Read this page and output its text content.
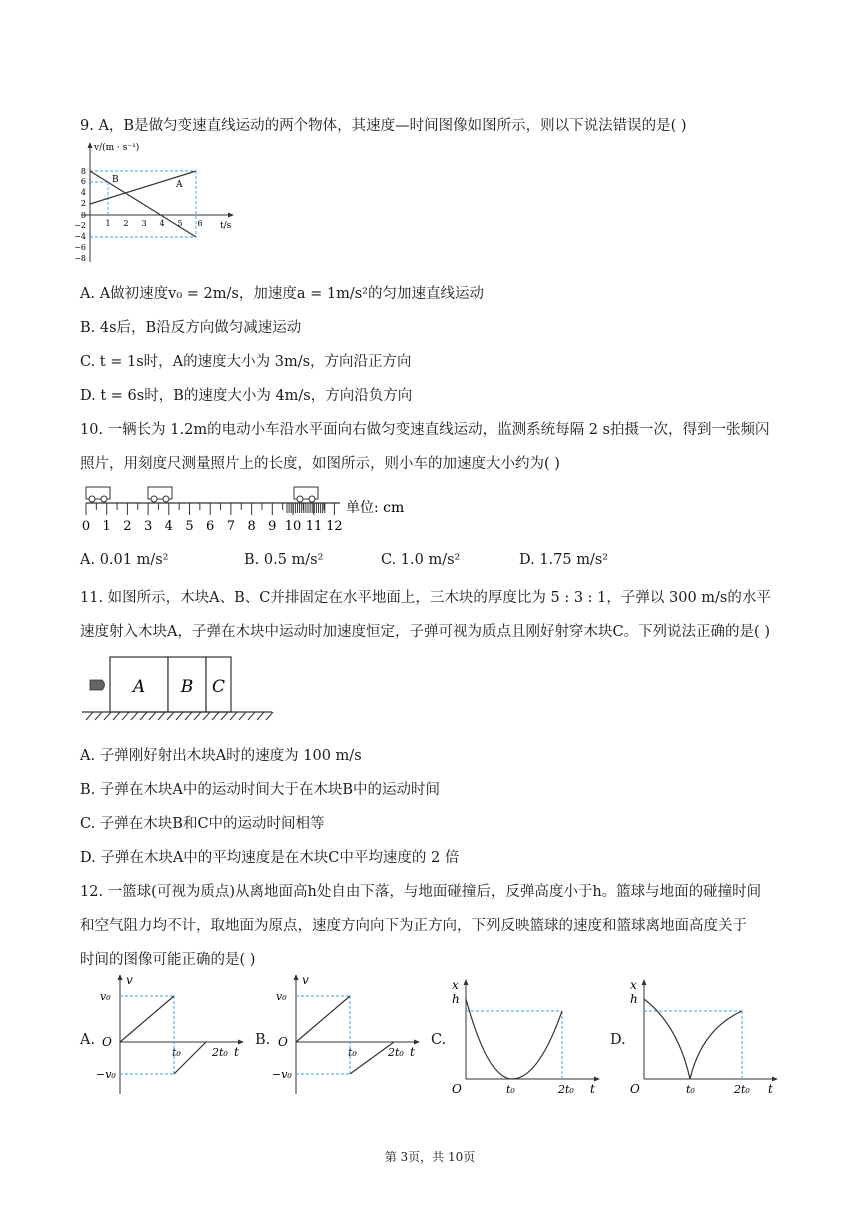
9. A，B是做匀变速直线运动的两个物体，其速度—时间图像如图所示，则以下说法错误的是( )
v/(m · s⁻¹)
t/s
8
6
4
2
0
−2
−4
−6
−8
1 2 3 4 5 6
B	A
A. A做初速度v₀ = 2m/s，加速度a = 1m/s²的匀加速直线运动
B. 4s后，B沿反方向做匀减速运动
C. t = 1s时，A的速度大小为 3m/s，方向沿正方向
D. t = 6s时，B的速度大小为 4m/s，方向沿负方向
10. 一辆长为 1.2m的电动小车沿水平面向右做匀变速直线运动，监测系统每隔 2 s拍摄一次，得到一张频闪
照片，用刻度尺测量照片上的长度，如图所示，则小车的加速度大小约为( )
单位: cm
0 1 2 3 4 5 6 7 8 9 10 11 12
A. 0.01 m/s²	B. 0.5 m/s²	C. 1.0 m/s²	D. 1.75 m/s²
11. 如图所示，木块A、B、C并排固定在水平地面上，三木块的厚度比为 5 : 3 : 1，子弹以 300 m/s的水平
速度射入木块A，子弹在木块中运动时加速度恒定，子弹可视为质点且刚好射穿木块C。下列说法正确的是( )
A B C
A. 子弹刚好射出木块A时的速度为 100 m/s
B. 子弹在木块A中的运动时间大于在木块B中的运动时间
C. 子弹在木块B和C中的运动时间相等
D. 子弹在木块A中的平均速度是在木块C中平均速度的 2 倍
12. 一篮球(可视为质点)从离地面高h处自由下落，与地面碰撞后，反弹高度小于h。篮球与地面的碰撞时间
和空气阻力均不计，取地面为原点，速度方向向下为正方向，下列反映篮球的速度和篮球离地面高度关于
时间的图像可能正确的是( )
A.
v
t
O
v₀
−v₀
t₀	2t₀
B.
v
t
O
v₀
−v₀
t₀	2t₀
C.
x
h
O	t₀	2t₀ t
D.
x
h
O	t₀	2t₀ t
第 3页，共 10页
